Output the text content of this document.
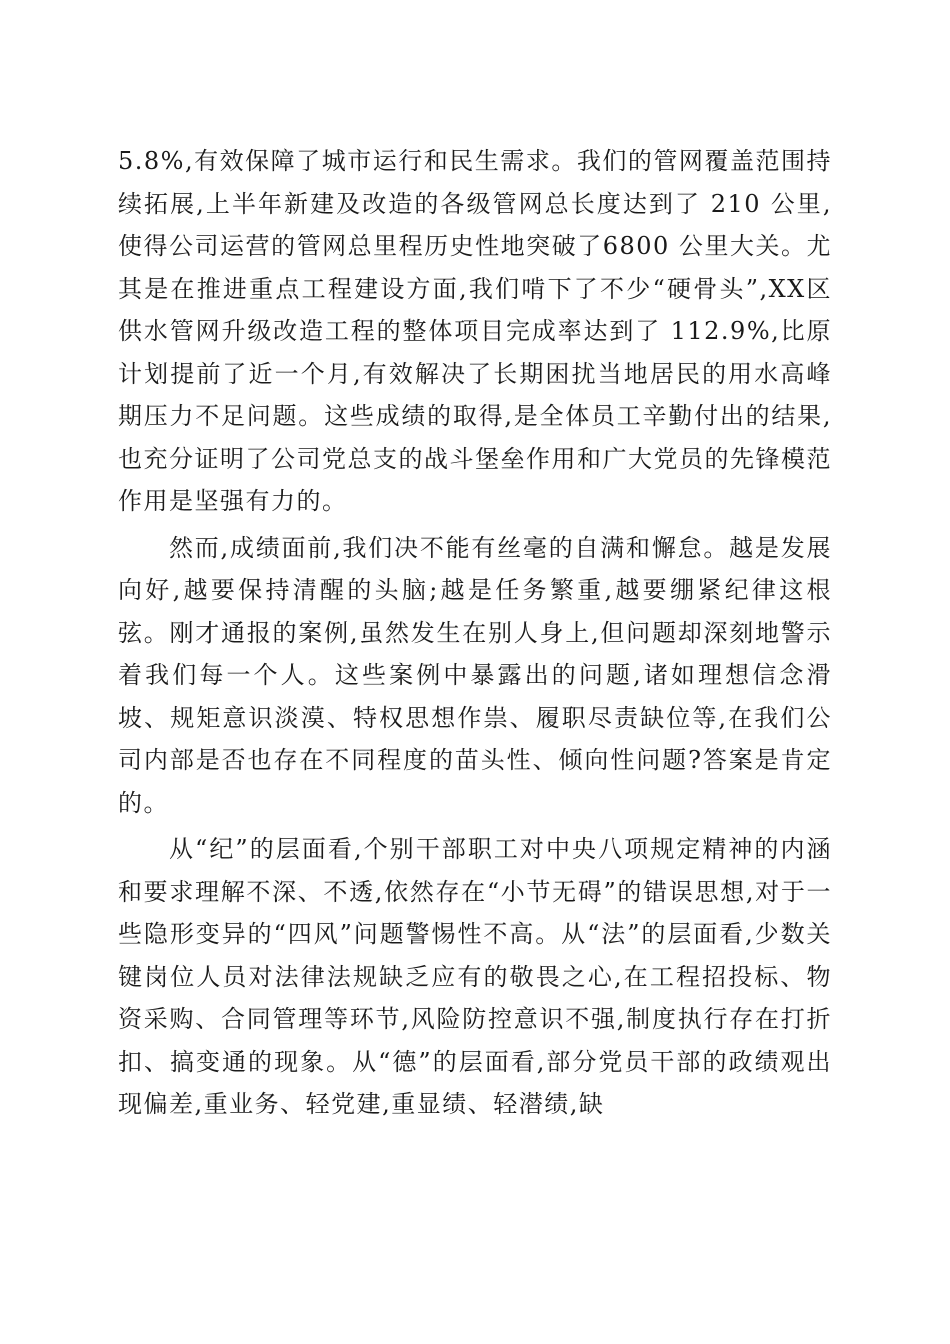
5.8%,有效保障了城市运行和民生需求。我们的管网覆盖范围持续拓展,上半年新建及改造的各级管网总长度达到了 210 公里,使得公司运营的管网总里程历史性地突破了6800 公里大关。尤其是在推进重点工程建设方面,我们啃下了不少“硬骨头”,XX区供水管网升级改造工程的整体项目完成率达到了 112.9%,比原计划提前了近一个月,有效解决了长期困扰当地居民的用水高峰期压力不足问题。这些成绩的取得,是全体员工辛勤付出的结果,也充分证明了公司党总支的战斗堡垒作用和广大党员的先锋模范作用是坚强有力的。

然而,成绩面前,我们决不能有丝毫的自满和懈怠。越是发展向好,越要保持清醒的头脑;越是任务繁重,越要绷紧纪律这根弦。刚才通报的案例,虽然发生在别人身上,但问题却深刻地警示着我们每一个人。这些案例中暴露出的问题,诸如理想信念滑坡、规矩意识淡漠、特权思想作祟、履职尽责缺位等,在我们公司内部是否也存在不同程度的苗头性、倾向性问题?答案是肯定的。

从“纪”的层面看,个别干部职工对中央八项规定精神的内涵和要求理解不深、不透,依然存在“小节无碍”的错误思想,对于一些隐形变异的“四风”问题警惕性不高。从“法”的层面看,少数关键岗位人员对法律法规缺乏应有的敬畏之心,在工程招投标、物资采购、合同管理等环节,风险防控意识不强,制度执行存在打折扣、搞变通的现象。从“德”的层面看,部分党员干部的政绩观出现偏差,重业务、轻党建,重显绩、轻潜绩,缺
